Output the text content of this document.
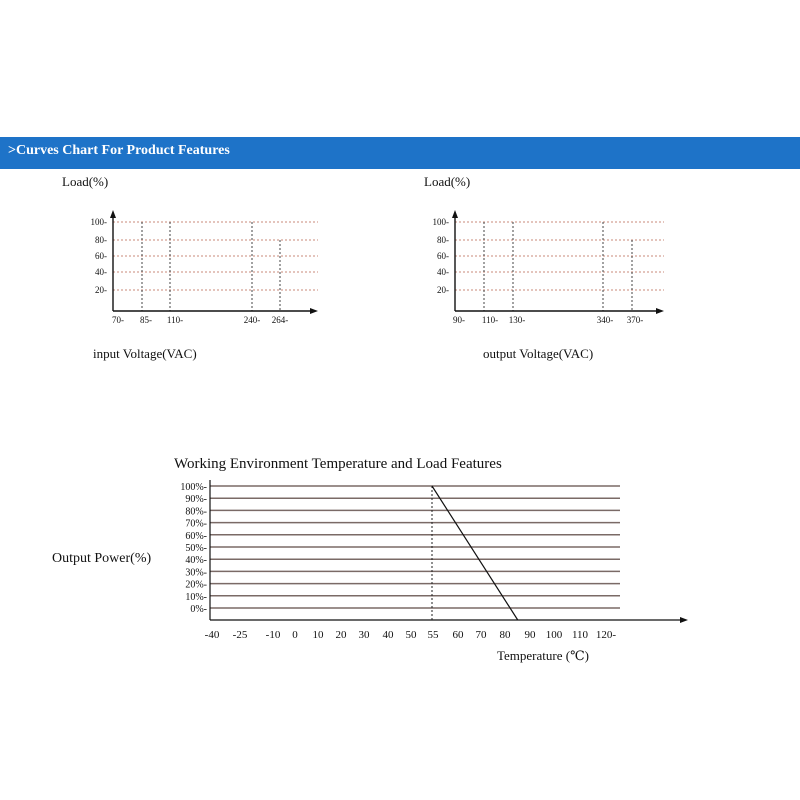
>Curves Chart For Product Features
20-
40-
60-
80-
100-
70- 85- 110-	240- 264-
Load(%)
input Voltage(VAC)
20-
40-
60-
80-
100-
90- 110- 130-	340- 370-
Load(%)
output Voltage(VAC)
0%-
10%-
20%-
30%-
40%-
50%-
60%-
70%-
80%-
90%-
100%-
-40 -25 -10 0 10 20 30 40 50 55 60 70 80 90 100 110 120-
Working Environment Temperature and Load Features
Output Power(%)
Temperature (℃)
